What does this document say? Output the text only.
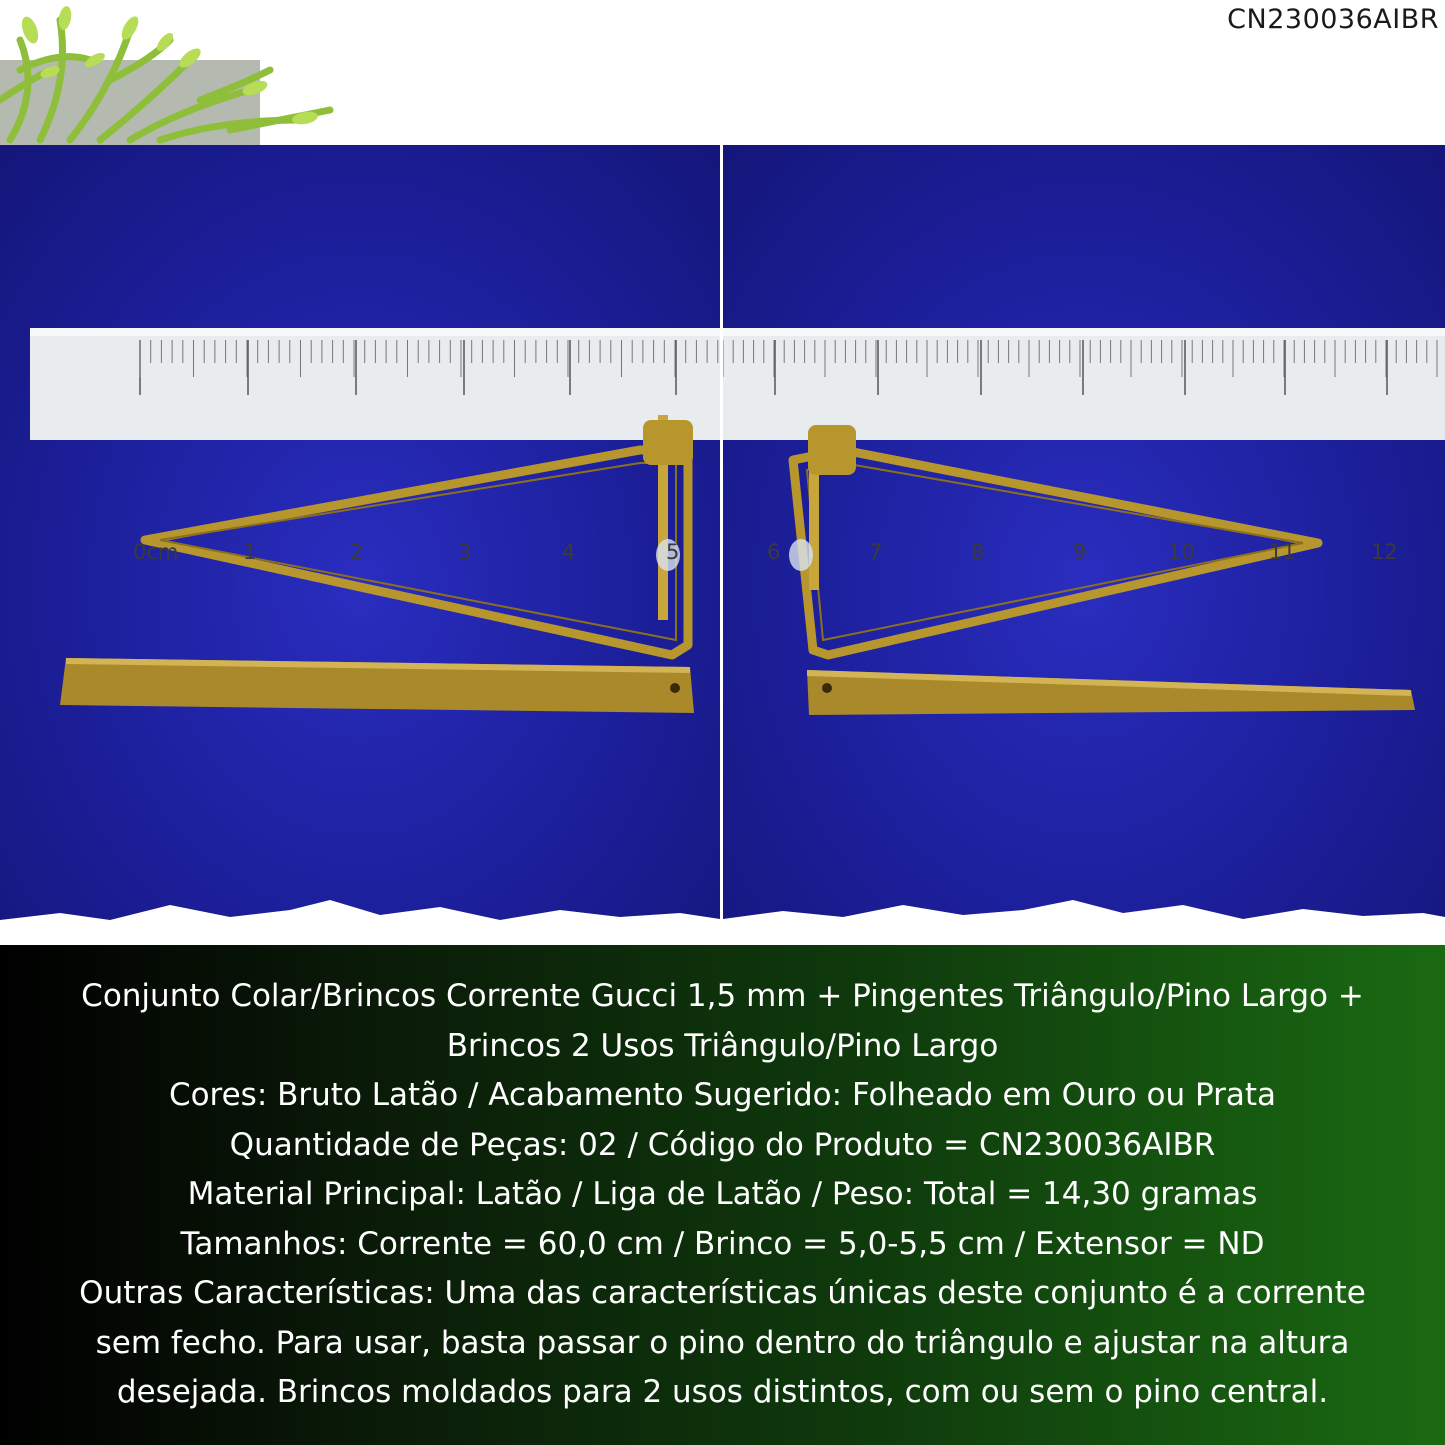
CN230036AIBR
0cm	1	2	3	4	5	6	7	8	9	10	11	12
Conjunto Colar/Brincos Corrente Gucci 1,5 mm + Pingentes Triângulo/Pino Largo +
Brincos 2 Usos Triângulo/Pino Largo
Cores: Bruto Latão / Acabamento Sugerido: Folheado em Ouro ou Prata
Quantidade de Peças: 02 / Código do Produto = CN230036AIBR
Material Principal: Latão / Liga de Latão / Peso: Total = 14,30 gramas
Tamanhos: Corrente = 60,0 cm / Brinco = 5,0-5,5 cm / Extensor = ND
Outras Características: Uma das características únicas deste conjunto é a corrente
sem fecho. Para usar, basta passar o pino dentro do triângulo e ajustar na altura
desejada. Brincos moldados para 2 usos distintos, com ou sem o pino central.
